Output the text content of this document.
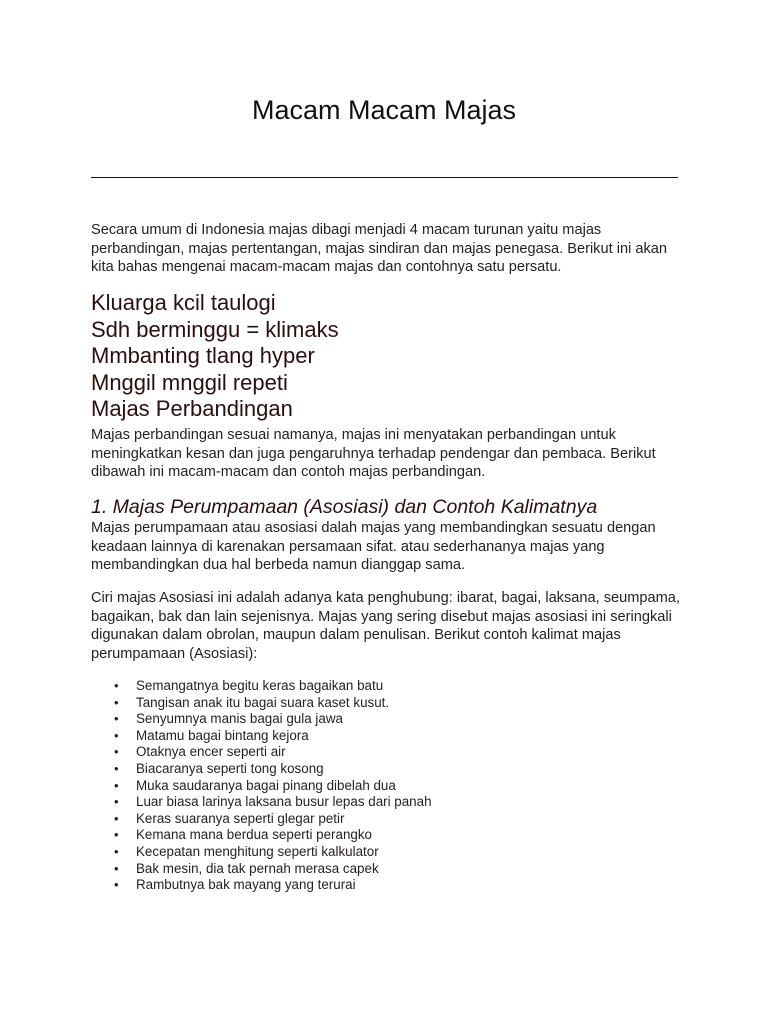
Macam Macam Majas

Secara umum di Indonesia majas dibagi menjadi 4 macam turunan yaitu majas perbandingan, majas pertentangan, majas sindiran dan majas penegasa. Berikut ini akan kita bahas mengenai macam-macam majas dan contohnya satu persatu.

Kluarga kcil taulogi
Sdh berminggu = klimaks
Mmbanting tlang hyper
Mnggil mnggil repeti
Majas Perbandingan

Majas perbandingan sesuai namanya, majas ini menyatakan perbandingan untuk meningkatkan kesan dan juga pengaruhnya terhadap pendengar dan pembaca. Berikut dibawah ini macam-macam dan contoh majas perbandingan.

1. Majas Perumpamaan (Asosiasi) dan Contoh Kalimatnya

Majas perumpamaan atau asosiasi dalah majas yang membandingkan sesuatu dengan keadaan lainnya di karenakan persamaan sifat. atau sederhananya majas yang membandingkan dua hal berbeda namun dianggap sama.

Ciri majas Asosiasi ini adalah adanya kata penghubung: ibarat, bagai, laksana, seumpama, bagaikan, bak dan lain sejenisnya. Majas yang sering disebut majas asosiasi ini seringkali digunakan dalam obrolan, maupun dalam penulisan. Berikut contoh kalimat majas perumpamaan (Asosiasi):

• Semangatnya begitu keras bagaikan batu
• Tangisan anak itu bagai suara kaset kusut.
• Senyumnya manis bagai gula jawa
• Matamu bagai bintang kejora
• Otaknya encer seperti air
• Biacaranya seperti tong kosong
• Muka saudaranya bagai pinang dibelah dua
• Luar biasa larinya laksana busur lepas dari panah
• Keras suaranya seperti glegar petir
• Kemana mana berdua seperti perangko
• Kecepatan menghitung seperti kalkulator
• Bak mesin, dia tak pernah merasa capek
• Rambutnya bak mayang yang terurai
